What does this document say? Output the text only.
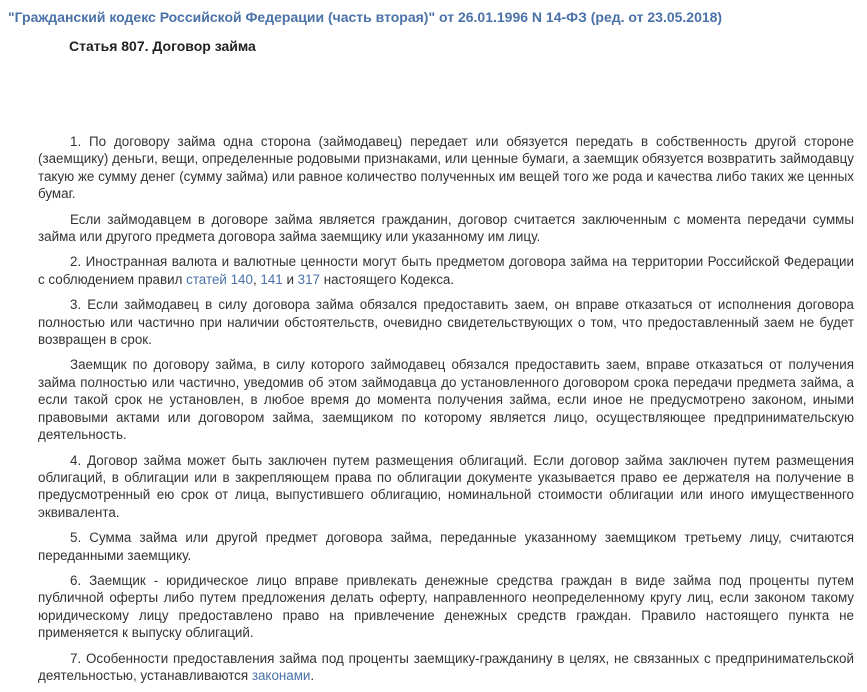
"Гражданский кодекс Российской Федерации (часть вторая)" от 26.01.1996 N 14-ФЗ (ред. от 23.05.2018)
Статья 807. Договор займа

1. По договору займа одна сторона (займодавец) передает или обязуется передать в собственность другой стороне (заемщику) деньги, вещи, определенные родовыми признаками, или ценные бумаги, а заемщик обязуется возвратить займодавцу такую же сумму денег (сумму займа) или равное количество полученных им вещей того же рода и качества либо таких же ценных бумаг.

Если займодавцем в договоре займа является гражданин, договор считается заключенным с момента передачи суммы займа или другого предмета договора займа заемщику или указанному им лицу.

2. Иностранная валюта и валютные ценности могут быть предметом договора займа на территории Российской Федерации с соблюдением правил статей 140, 141 и 317 настоящего Кодекса.

3. Если займодавец в силу договора займа обязался предоставить заем, он вправе отказаться от исполнения договора полностью или частично при наличии обстоятельств, очевидно свидетельствующих о том, что предоставленный заем не будет возвращен в срок.

Заемщик по договору займа, в силу которого займодавец обязался предоставить заем, вправе отказаться от получения займа полностью или частично, уведомив об этом займодавца до установленного договором срока передачи предмета займа, а если такой срок не установлен, в любое время до момента получения займа, если иное не предусмотрено законом, иными правовыми актами или договором займа, заемщиком по которому является лицо, осуществляющее предпринимательскую деятельность.

4. Договор займа может быть заключен путем размещения облигаций. Если договор займа заключен путем размещения облигаций, в облигации или в закрепляющем права по облигации документе указывается право ее держателя на получение в предусмотренный ею срок от лица, выпустившего облигацию, номинальной стоимости облигации или иного имущественного эквивалента.

5. Сумма займа или другой предмет договора займа, переданные указанному заемщиком третьему лицу, считаются переданными заемщику.

6. Заемщик - юридическое лицо вправе привлекать денежные средства граждан в виде займа под проценты путем публичной оферты либо путем предложения делать оферту, направленного неопределенному кругу лиц, если законом такому юридическому лицу предоставлено право на привлечение денежных средств граждан. Правило настоящего пункта не применяется к выпуску облигаций.

7. Особенности предоставления займа под проценты заемщику-гражданину в целях, не связанных с предпринимательской деятельностью, устанавливаются законами.
